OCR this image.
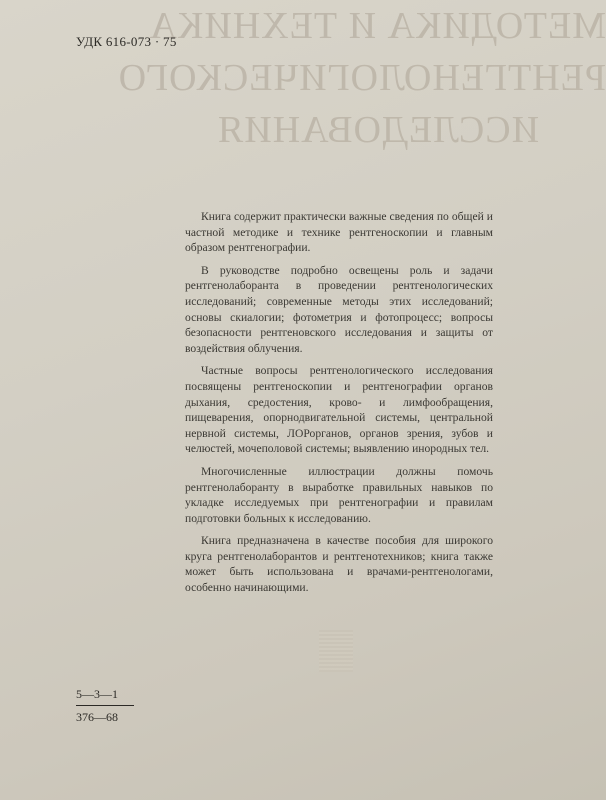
МЕТОДИКА И ТЕХНИКА
РЕНТГЕНОЛОГИЧЕСКОГО
ИССЛЕДОВАНИЯ
УДК 616-073 · 75

Книга содержит практически важные сведения по общей и частной методике и технике рентгеноскопии и главным образом рентгенографии.

В руководстве подробно освещены роль и задачи рентгенолаборанта в проведении рентгенологических исследований; современные методы этих исследований; основы скиалогии; фотометрия и фотопроцесс; вопросы безопасности рентгеновского исследования и защиты от воздействия облучения.

Частные вопросы рентгенологического исследования посвящены рентгеноскопии и рентгенографии органов дыхания, средостения, крово- и лимфообращения, пищеварения, опорнодвигательной системы, центральной нервной системы, ЛОРорганов, органов зрения, зубов и челюстей, мочеполовой системы; выявлению инородных тел.

Многочисленные иллюстрации должны помочь рентгенолаборанту в выработке правильных навыков по укладке исследуемых при рентгенографии и правилам подготовки больных к исследованию.

Книга предназначена в качестве пособия для широкого круга рентгенолаборантов и рентгенотехников; книга также может быть использована и врачами-рентгенологами, особенно начинающими.

$\frac{5—3—1}{376—68}$
